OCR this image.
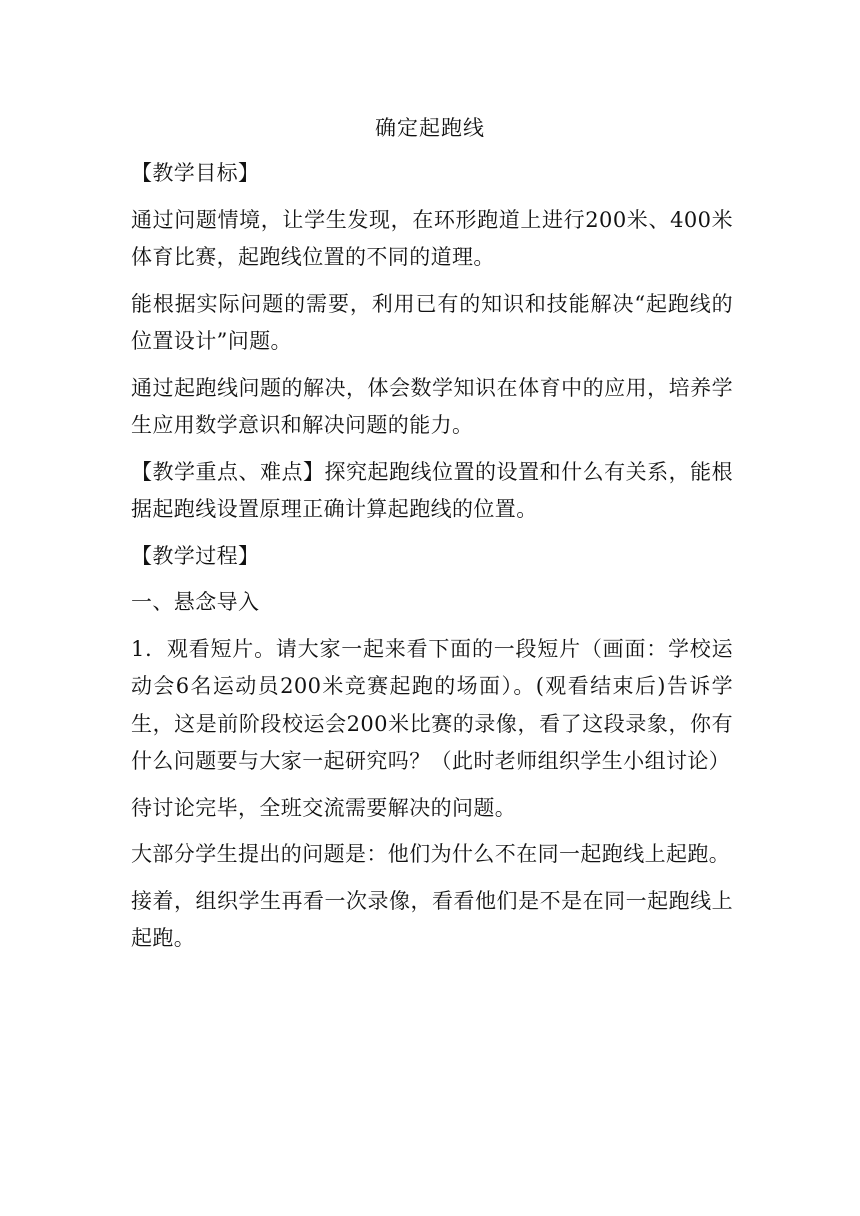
确定起跑线

【教学目标】

通过问题情境，让学生发现，在环形跑道上进行200米、400米体育比赛，起跑线位置的不同的道理。

能根据实际问题的需要，利用已有的知识和技能解决“起跑线的位置设计”问题。

通过起跑线问题的解决，体会数学知识在体育中的应用，培养学生应用数学意识和解决问题的能力。

【教学重点、难点】探究起跑线位置的设置和什么有关系，能根据起跑线设置原理正确计算起跑线的位置。

【教学过程】

一、悬念导入

1．观看短片。请大家一起来看下面的一段短片（画面：学校运动会6名运动员200米竞赛起跑的场面）。(观看结束后)告诉学生，这是前阶段校运会200米比赛的录像，看了这段录象，你有什么问题要与大家一起研究吗？（此时老师组织学生小组讨论）

待讨论完毕，全班交流需要解决的问题。

大部分学生提出的问题是：他们为什么不在同一起跑线上起跑。

接着，组织学生再看一次录像，看看他们是不是在同一起跑线上起跑。
